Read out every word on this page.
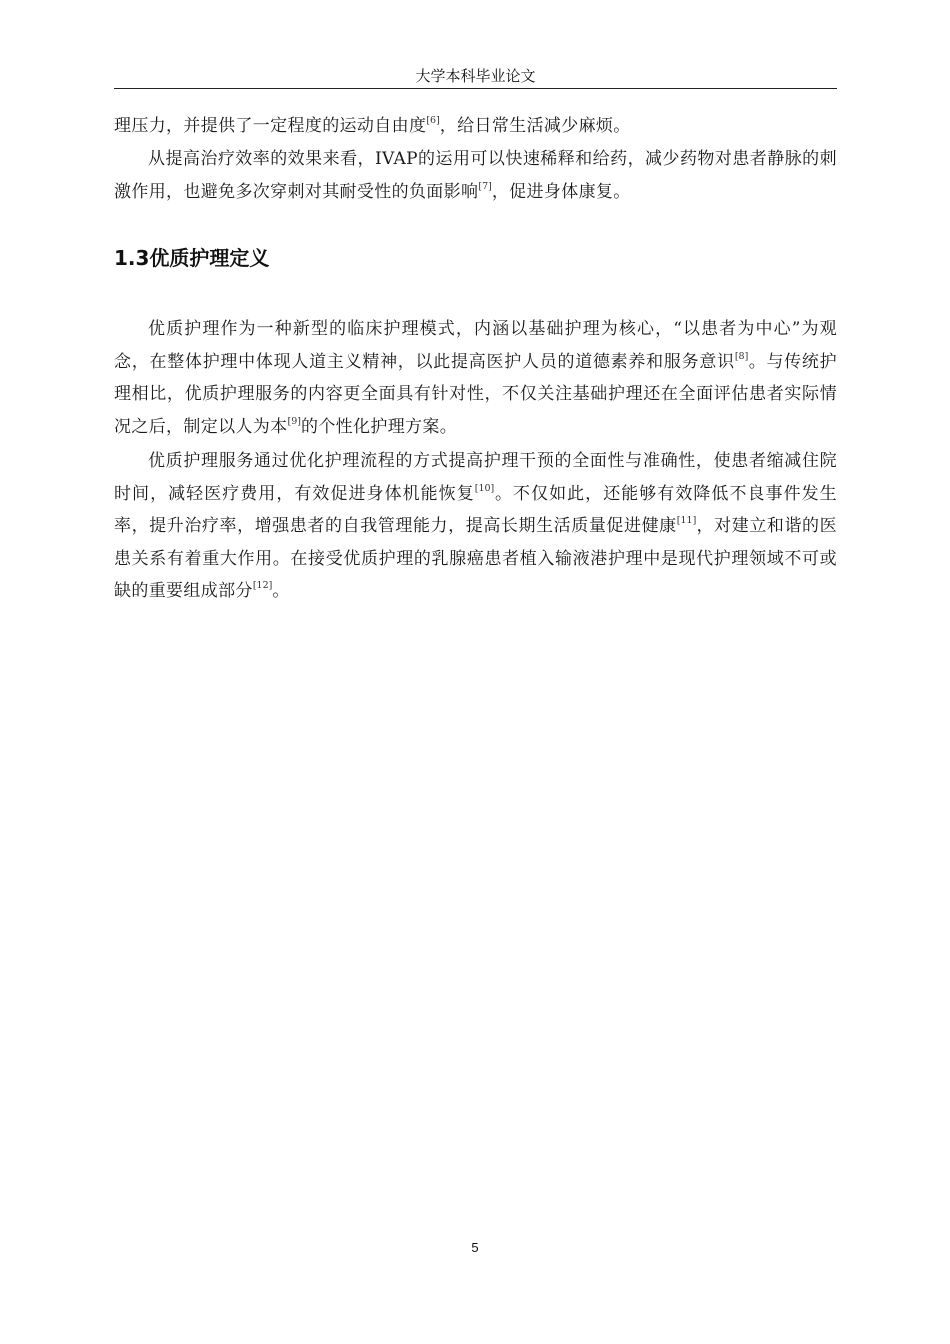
大学本科毕业论文

理压力，并提供了一定程度的运动自由度[6]，给日常生活减少麻烦。

从提高治疗效率的效果来看，IVAP的运用可以快速稀释和给药，减少药物对患者静脉的刺激作用，也避免多次穿刺对其耐受性的负面影响[7]，促进身体康复。

1.3优质护理定义

优质护理作为一种新型的临床护理模式，内涵以基础护理为核心，“以患者为中心”为观念，在整体护理中体现人道主义精神，以此提高医护人员的道德素养和服务意识[8]。与传统护理相比，优质护理服务的内容更全面具有针对性，不仅关注基础护理还在全面评估患者实际情况之后，制定以人为本[9]的个性化护理方案。

优质护理服务通过优化护理流程的方式提高护理干预的全面性与准确性，使患者缩减住院时间，减轻医疗费用，有效促进身体机能恢复[10]。不仅如此，还能够有效降低不良事件发生率，提升治疗率，增强患者的自我管理能力，提高长期生活质量促进健康[11]，对建立和谐的医患关系有着重大作用。在接受优质护理的乳腺癌患者植入输液港护理中是现代护理领域不可或缺的重要组成部分[12]。

5
